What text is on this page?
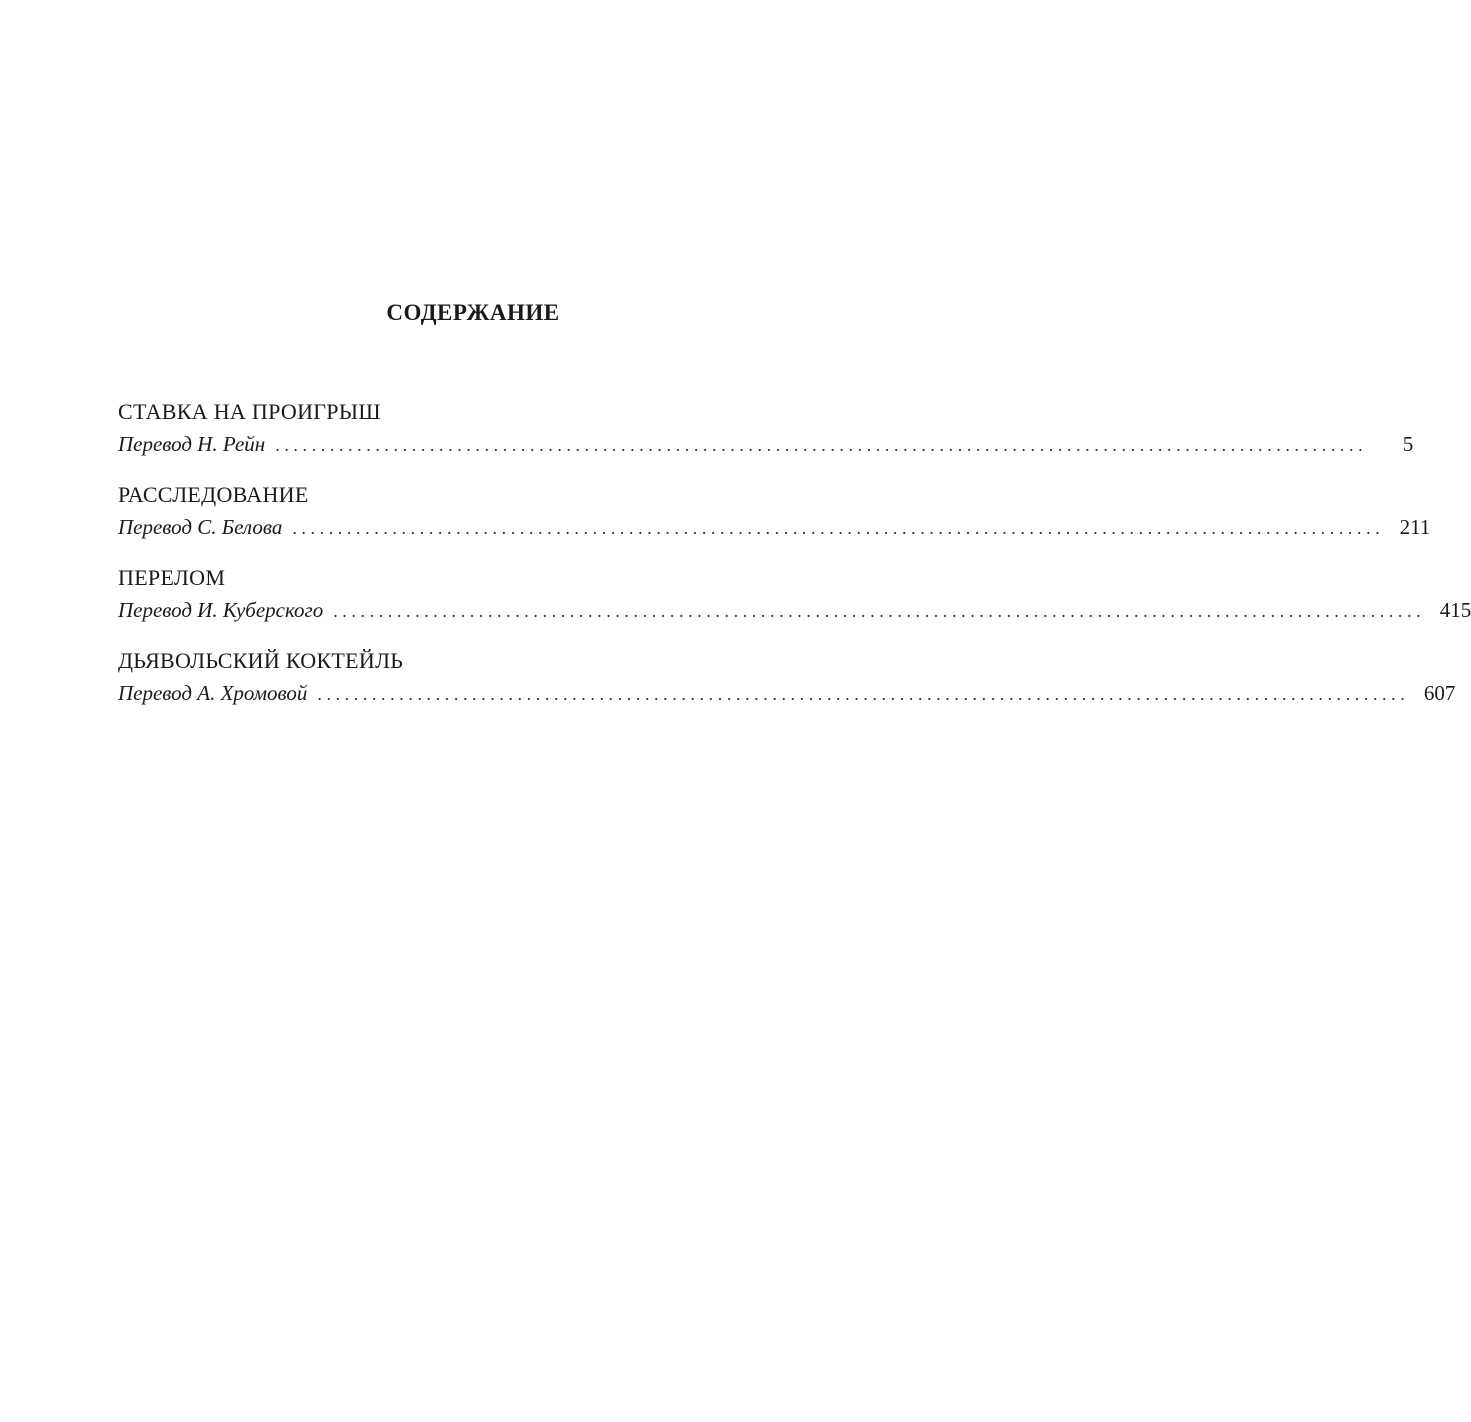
СОДЕРЖАНИЕ
СТАВКА НА ПРОИГРЫШ
Перевод Н. Рейн ........................................................................................................................	5
РАССЛЕДОВАНИЕ
Перевод С. Белова ........................................................................................................................ 211
ПЕРЕЛОМ
Перевод И. Куберского ........................................................................................................................ 415
ДЬЯВОЛЬСКИЙ КОКТЕЙЛЬ
Перевод А. Хромовой ........................................................................................................................ 607
